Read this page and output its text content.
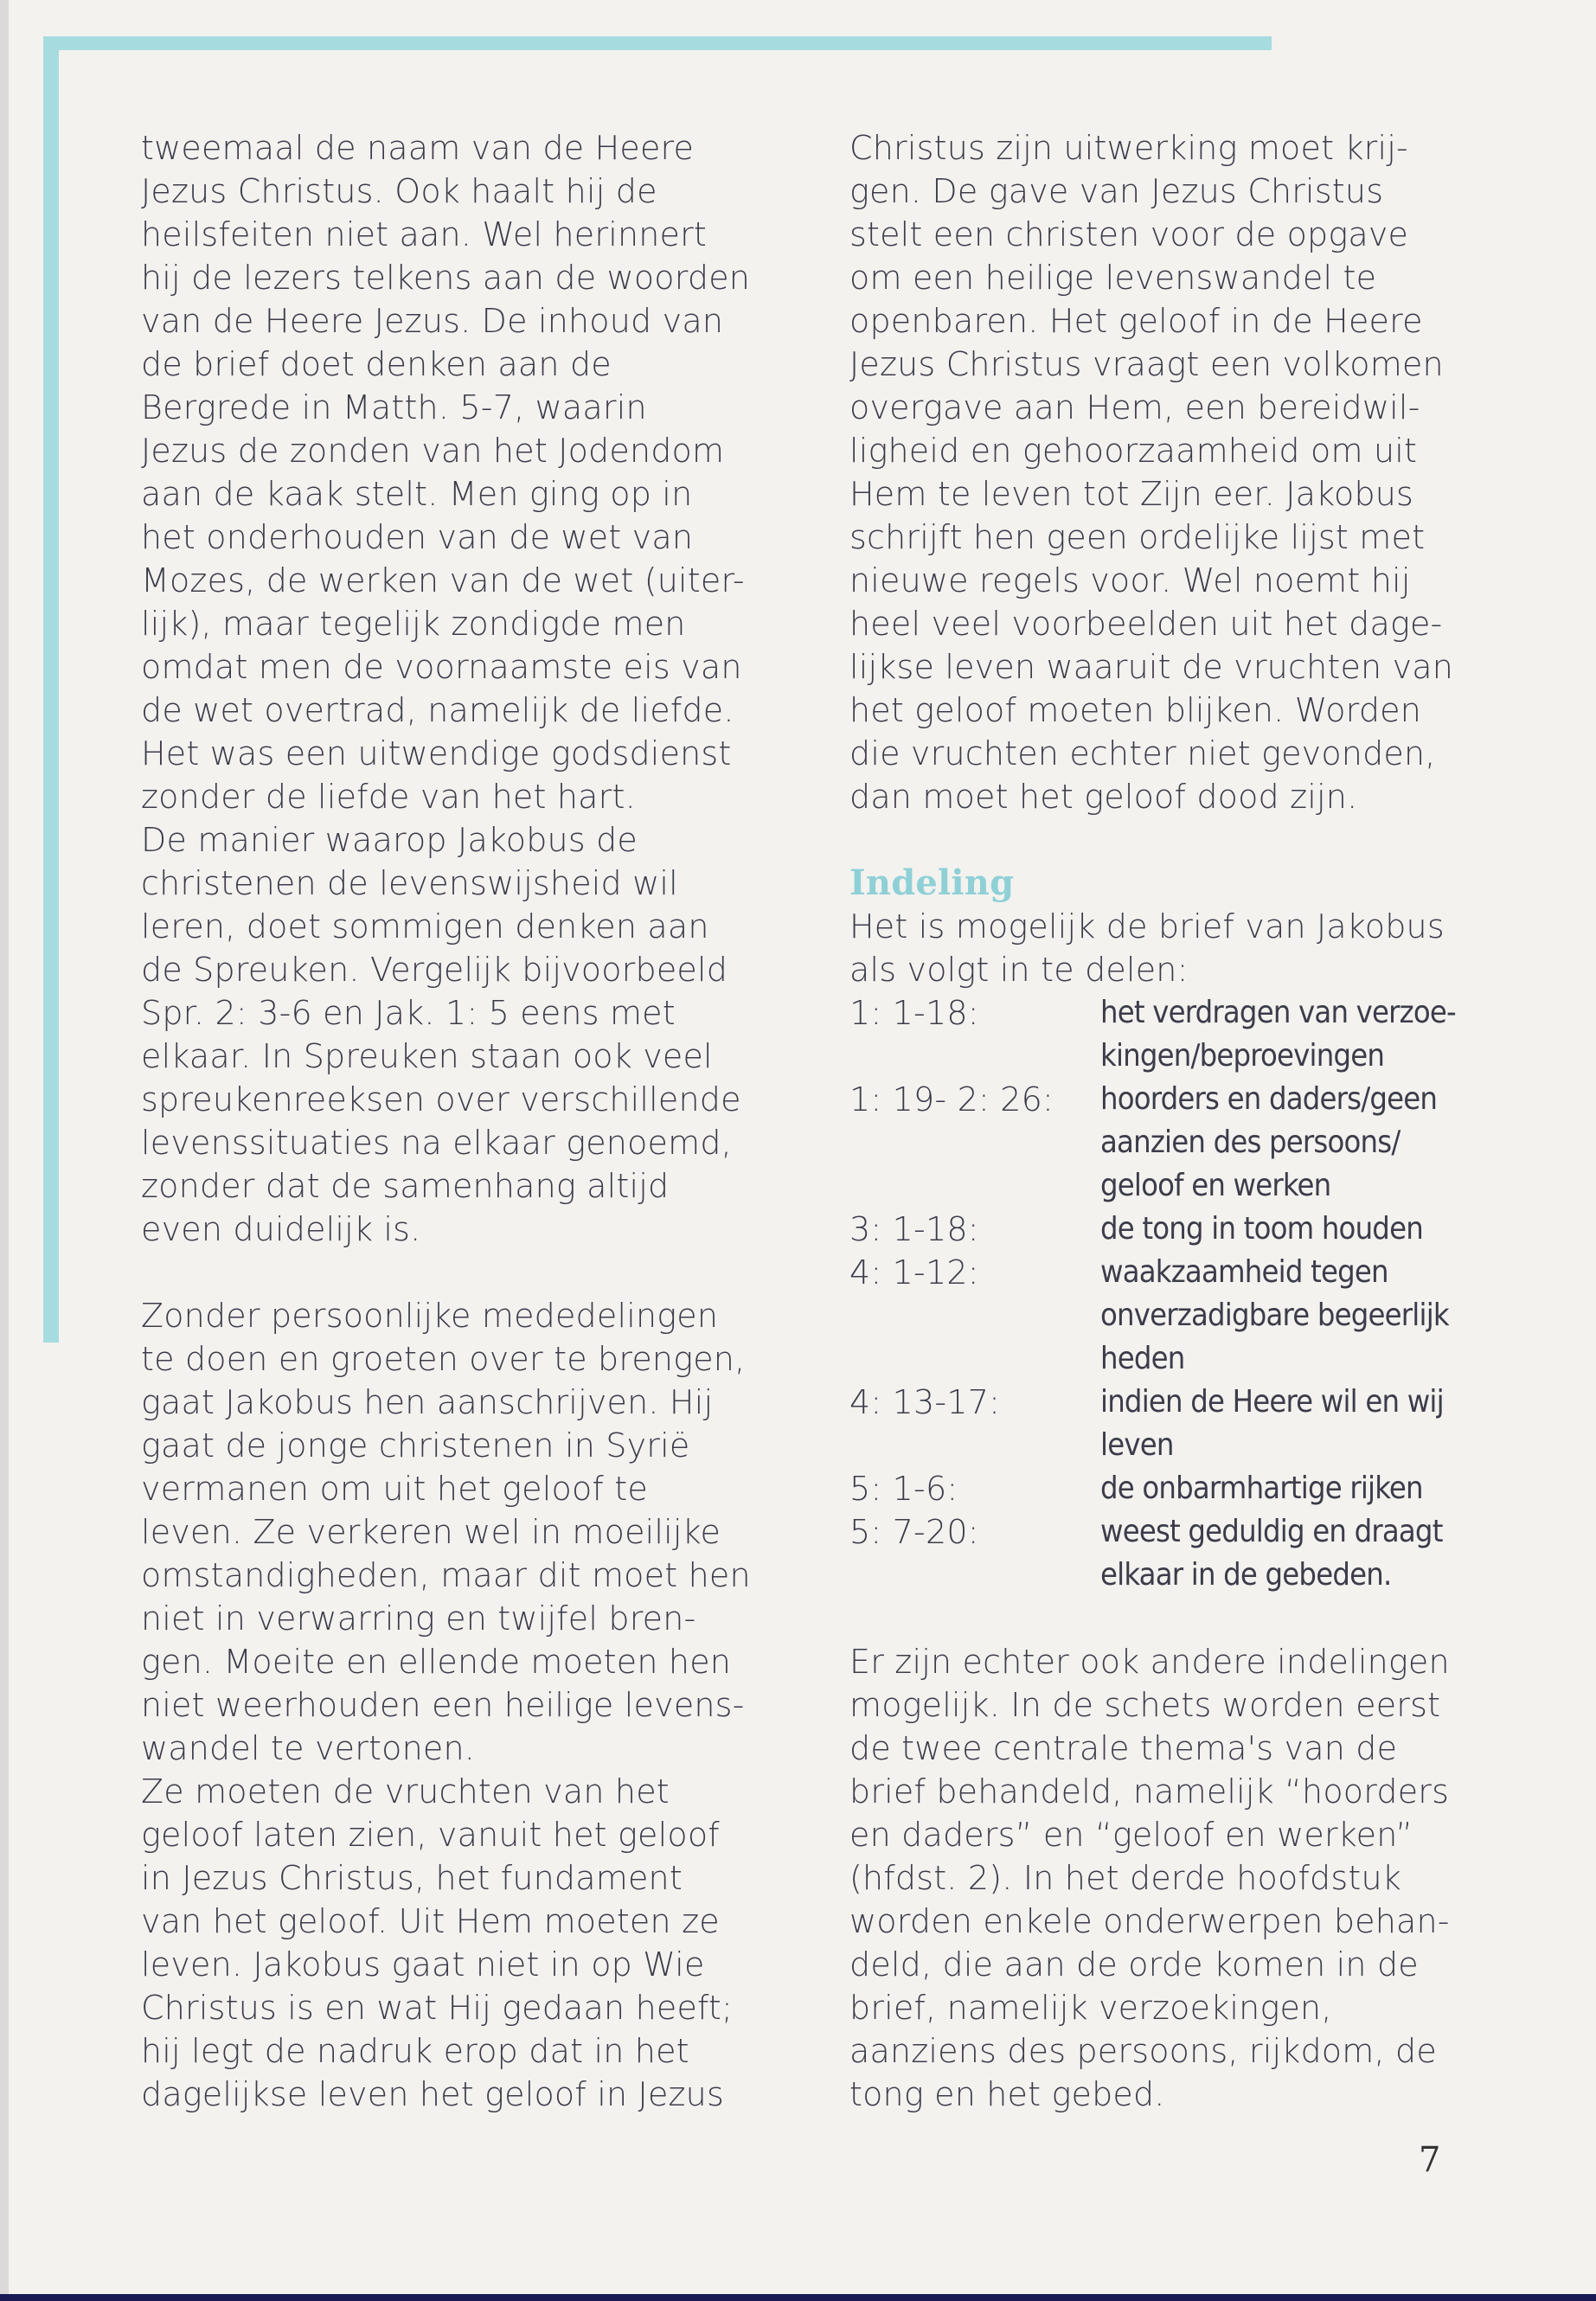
tweemaal de naam van de Heere
Jezus Christus. Ook haalt hij de
heilsfeiten niet aan. Wel herinnert
hij de lezers telkens aan de woorden
van de Heere Jezus. De inhoud van
de brief doet denken aan de
Bergrede in Matth. 5-7, waarin
Jezus de zonden van het Jodendom
aan de kaak stelt. Men ging op in
het onderhouden van de wet van
Mozes, de werken van de wet (uiter-
lijk), maar tegelijk zondigde men
omdat men de voornaamste eis van
de wet overtrad, namelijk de liefde.
Het was een uitwendige godsdienst
zonder de liefde van het hart.

De manier waarop Jakobus de
christenen de levenswijsheid wil
leren, doet sommigen denken aan
de Spreuken. Vergelijk bijvoorbeeld
Spr. 2: 3-6 en Jak. 1: 5 eens met
elkaar. In Spreuken staan ook veel
spreukenreeksen over verschillende
levenssituaties na elkaar genoemd,
zonder dat de samenhang altijd
even duidelijk is.

Zonder persoonlijke mededelingen
te doen en groeten over te brengen,
gaat Jakobus hen aanschrijven. Hij
gaat de jonge christenen in Syrië
vermanen om uit het geloof te
leven. Ze verkeren wel in moeilijke
omstandigheden, maar dit moet hen
niet in verwarring en twijfel bren-
gen. Moeite en ellende moeten hen
niet weerhouden een heilige levens-
wandel te vertonen.

Ze moeten de vruchten van het
geloof laten zien, vanuit het geloof
in Jezus Christus, het fundament
van het geloof. Uit Hem moeten ze
leven. Jakobus gaat niet in op Wie
Christus is en wat Hij gedaan heeft;
hij legt de nadruk erop dat in het
dagelijkse leven het geloof in Jezus

Christus zijn uitwerking moet krij-
gen. De gave van Jezus Christus
stelt een christen voor de opgave
om een heilige levenswandel te
openbaren. Het geloof in de Heere
Jezus Christus vraagt een volkomen
overgave aan Hem, een bereidwil-
ligheid en gehoorzaamheid om uit
Hem te leven tot Zijn eer. Jakobus
schrijft hen geen ordelijke lijst met
nieuwe regels voor. Wel noemt hij
heel veel voorbeelden uit het dage-
lijkse leven waaruit de vruchten van
het geloof moeten blijken. Worden
die vruchten echter niet gevonden,
dan moet het geloof dood zijn.

Indeling

Het is mogelijk de brief van Jakobus
als volgt in te delen:

1: 1-18:	het verdragen van verzoe-
kingen/beproevingen
1: 19- 2: 26:	hoorders en daders/geen
aanzien des persoons/
geloof en werken
3: 1-18:	de tong in toom houden
4: 1-12:	waakzaamheid tegen
onverzadigbare begeerlijk
heden
4: 13-17:	indien de Heere wil en wij
leven
5: 1-6:	de onbarmhartige rijken
5: 7-20:	weest geduldig en draagt
elkaar in de gebeden.

Er zijn echter ook andere indelingen
mogelijk. In de schets worden eerst
de twee centrale thema's van de
brief behandeld, namelijk “hoorders
en daders” en “geloof en werken”
(hfdst. 2). In het derde hoofdstuk
worden enkele onderwerpen behan-
deld, die aan de orde komen in de
brief, namelijk verzoekingen,
aanziens des persoons, rijkdom, de
tong en het gebed.

7
